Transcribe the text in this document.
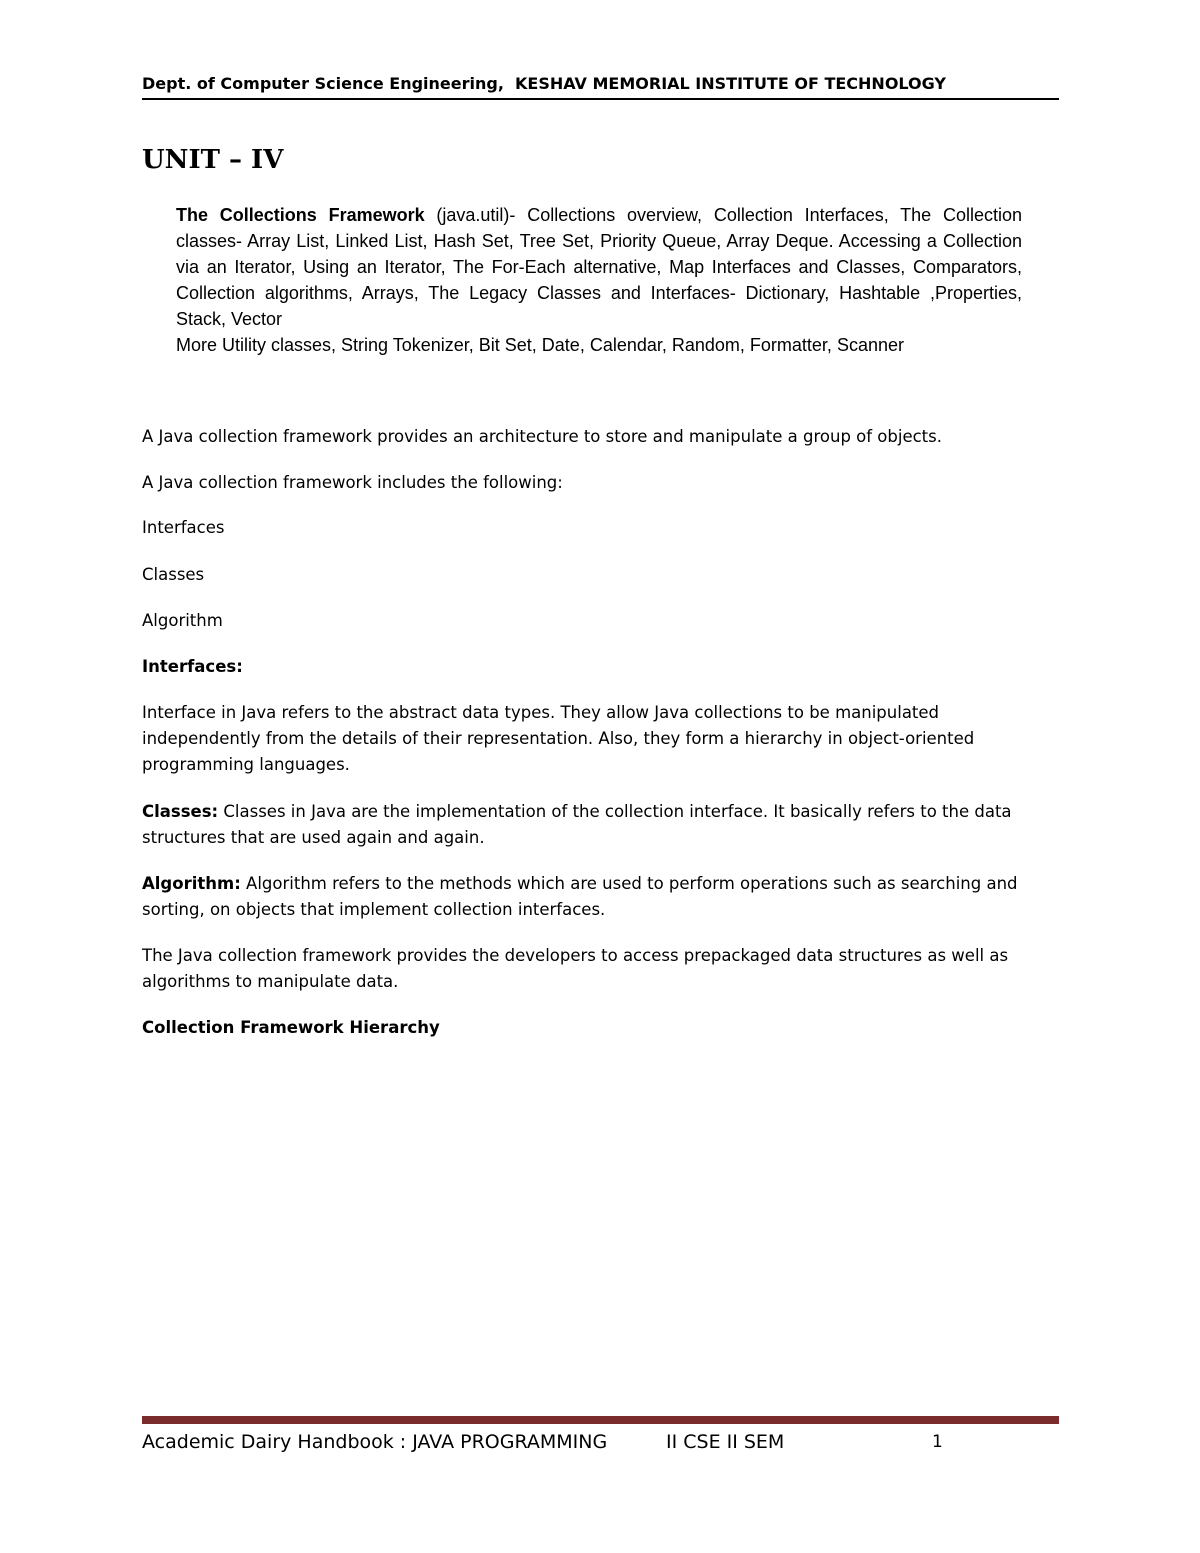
Dept. of Computer Science Engineering, KESHAV MEMORIAL INSTITUTE OF TECHNOLOGY
UNIT – IV

The Collections Framework (java.util)- Collections overview, Collection Interfaces, The Collection classes- Array List, Linked List, Hash Set, Tree Set, Priority Queue, Array Deque. Accessing a Collection via an Iterator, Using an Iterator, The For-Each alternative, Map Interfaces and Classes, Comparators, Collection algorithms, Arrays, The Legacy Classes and Interfaces- Dictionary, Hashtable ,Properties, Stack, Vector

More Utility classes, String Tokenizer, Bit Set, Date, Calendar, Random, Formatter, Scanner

A Java collection framework provides an architecture to store and manipulate a group of objects.

A Java collection framework includes the following:

Interfaces

Classes

Algorithm

Interfaces:

Interface in Java refers to the abstract data types. They allow Java collections to be manipulated independently from the details of their representation. Also, they form a hierarchy in object-oriented programming languages.

Classes: Classes in Java are the implementation of the collection interface. It basically refers to the data structures that are used again and again.

Algorithm: Algorithm refers to the methods which are used to perform operations such as searching and sorting, on objects that implement collection interfaces.

The Java collection framework provides the developers to access prepackaged data structures as well as algorithms to manipulate data.

Collection Framework Hierarchy

Academic Dairy Handbook : JAVA PROGRAMMING	II CSE II SEM	1
